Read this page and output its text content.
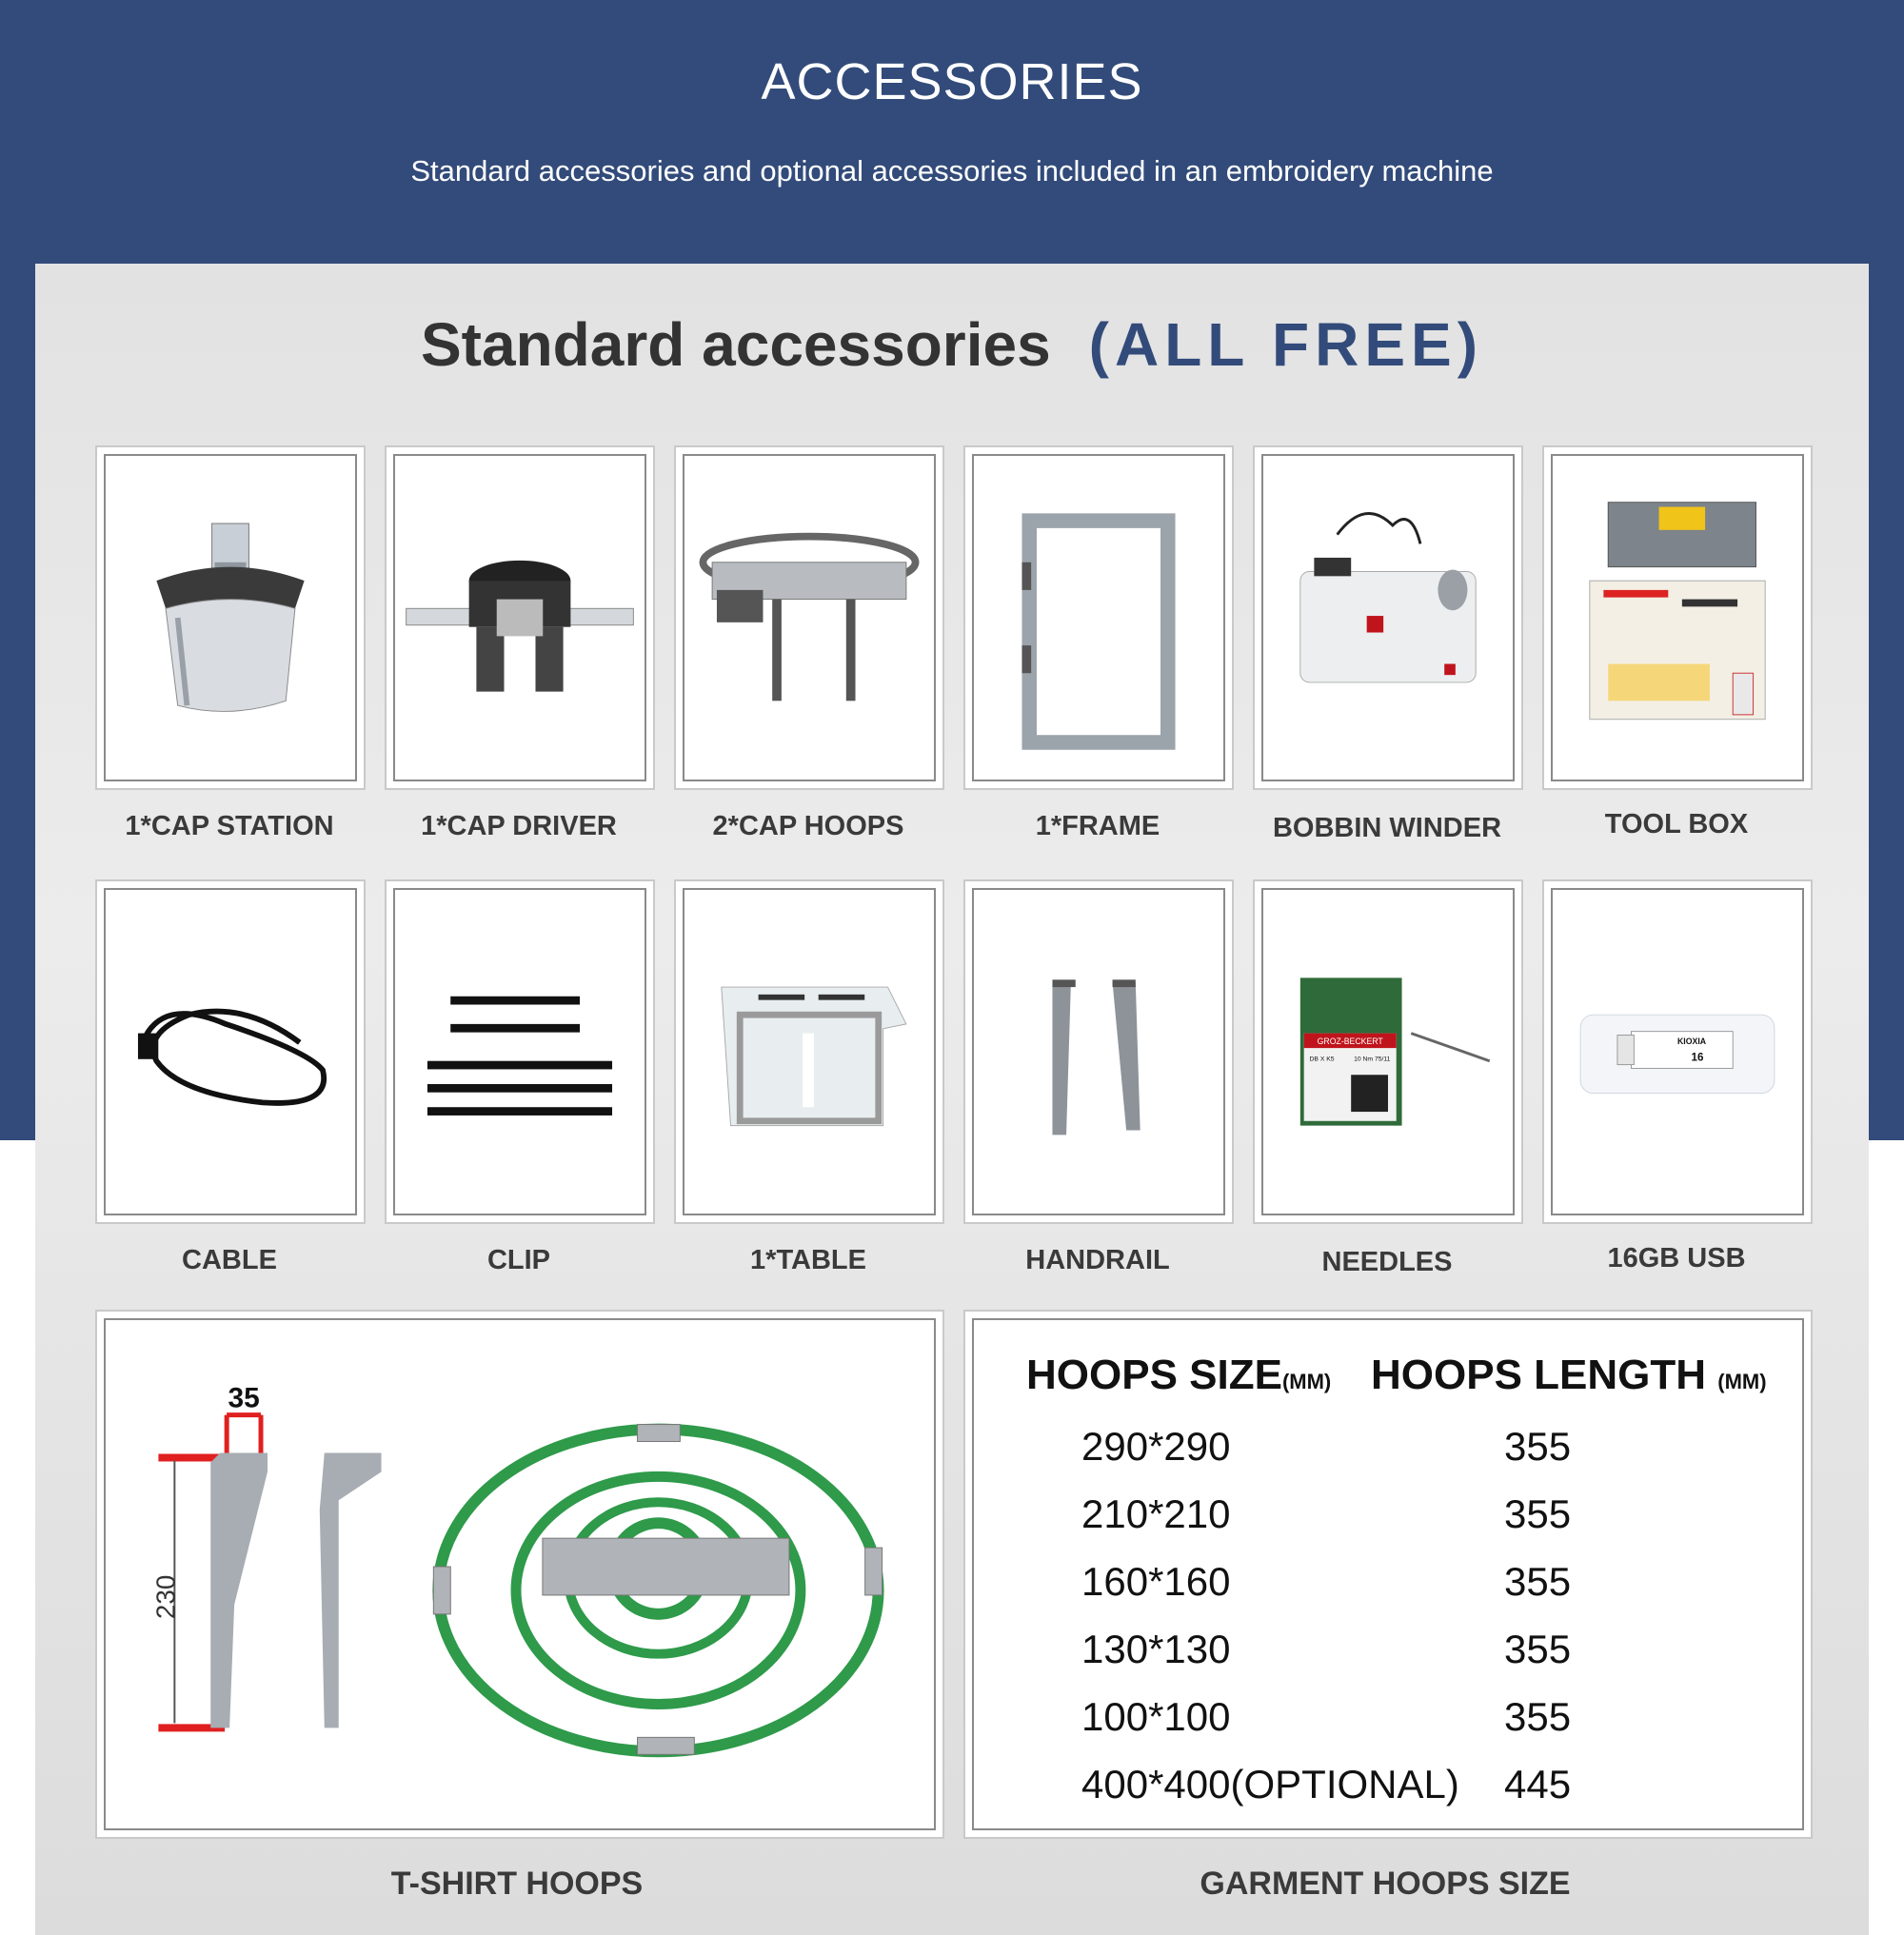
ACCESSORIES
Standard accessories and optional accessories included in an embroidery machine
Standard accessories (ALL FREE)
1*CAP STATION	1*CAP DRIVER	2*CAP HOOPS	1*FRAME	BOBBIN WINDER	TOOL BOX
CABLE	CLIP	1*TABLE	HANDRAIL
GROZ-BECKERT
DB X K5	10 Nm 75/11
NEEDLES
KIOXIA
16
16GB USB
35
230
T-SHIRT HOOPS
HOOPS SIZE(MM) HOOPS LENGTH (MM)
290*290	355
210*210	355
160*160	355
130*130	355
100*100	355
400*400(OPTIONAL) 445
GARMENT HOOPS SIZE
